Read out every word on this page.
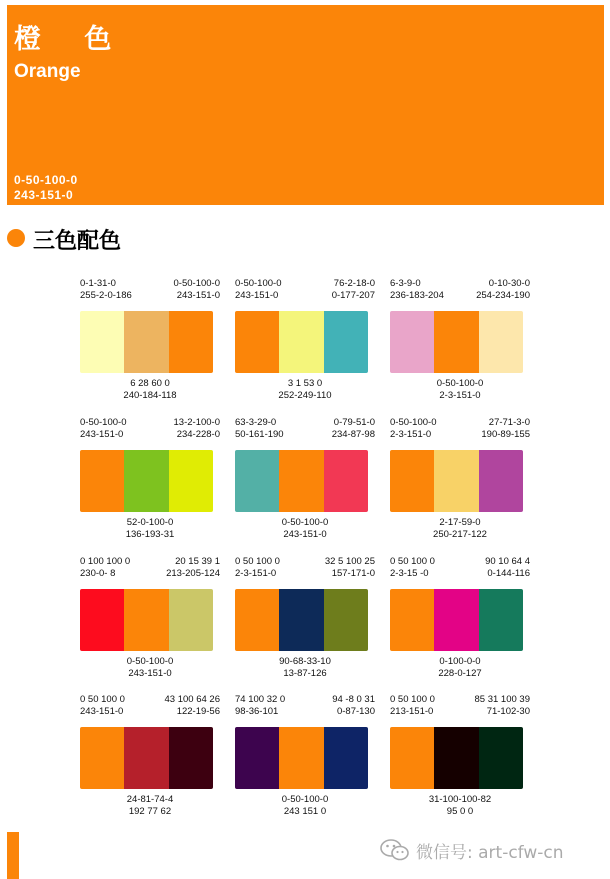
橙 色
Orange
0-50-100-0
243-151-0
三色配色
0-1-31-0
255-2-0-186
0-50-100-0
243-151-0
6 28 60 0
240-184-118
0-50-100-0
243-151-0
76-2-18-0
0-177-207
3 1 53 0
252-249-110
6-3-9-0
236-183-204
0-10-30-0
254-234-190
0-50-100-0
2-3-151-0
0-50-100-0
243-151-0
13-2-100-0
234-228-0
52-0-100-0
136-193-31
63-3-29-0
50-161-190
0-79-51-0
234-87-98
0-50-100-0
243-151-0
0-50-100-0
2-3-151-0
27-71-3-0
190-89-155
2-17-59-0
250-217-122
0 100 100 0
230-0- 8
20 15 39 1
213-205-124
0-50-100-0
243-151-0
0 50 100 0
2-3-151-0
32 5 100 25
157-171-0
90-68-33-10
13-87-126
0 50 100 0
2-3-15 -0
90 10 64 4
0-144-116
0-100-0-0
228-0-127
0 50 100 0
243-151-0
43 100 64 26
122-19-56
24-81-74-4
192 77 62
74 100 32 0
98-36-101
94 -8 0 31
0-87-130
0-50-100-0
243 151 0
0 50 100 0
213-151-0
85 31 100 39
71-102-30
31-100-100-82
95 0 0
微信号: art-cfw-cn
